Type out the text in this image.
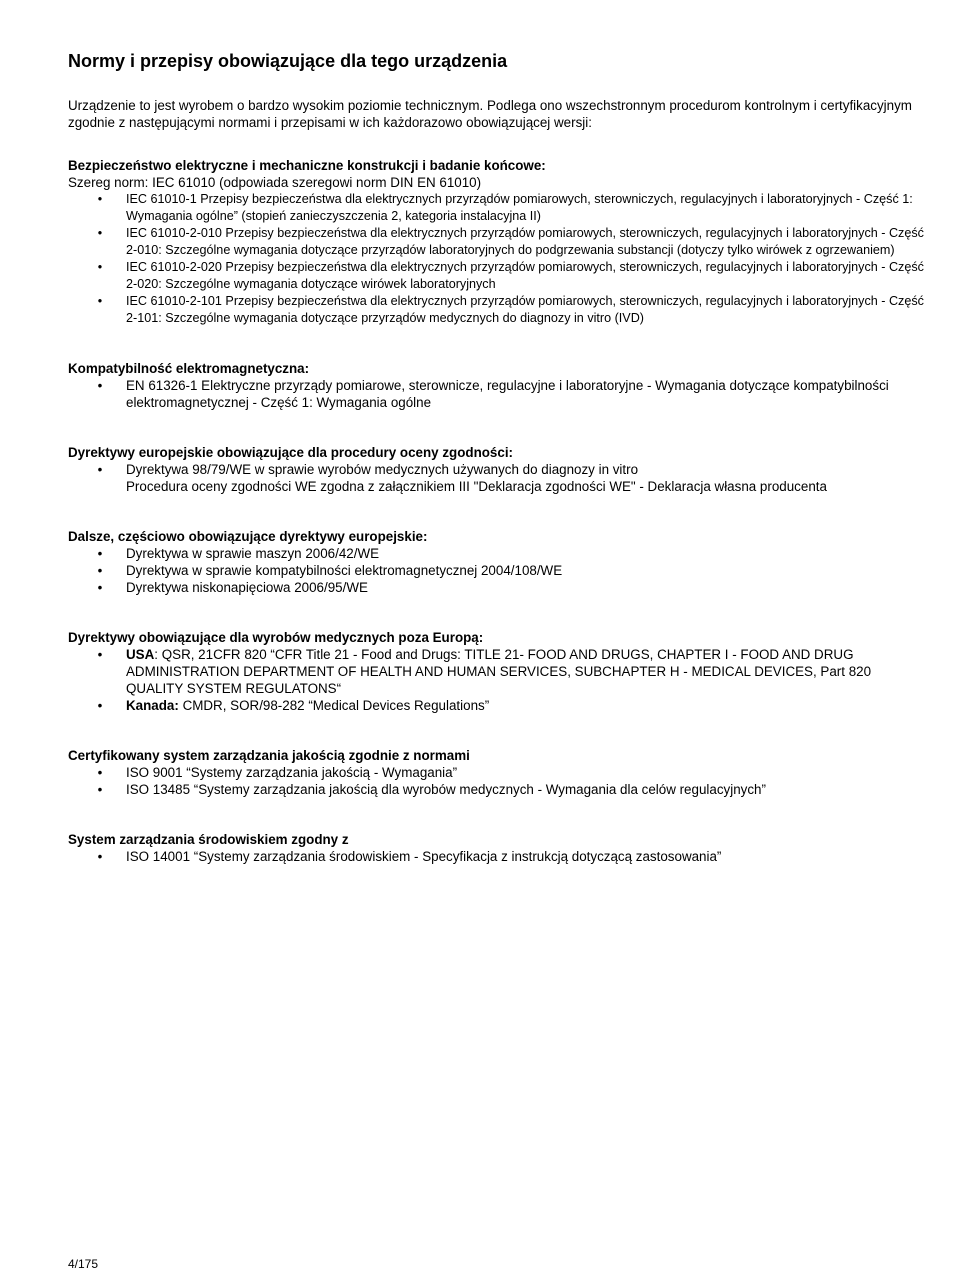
Normy i przepisy obowiązujące dla tego urządzenia

Urządzenie to jest wyrobem o bardzo wysokim poziomie technicznym. Podlega ono wszechstronnym procedurom kontrolnym i certyfikacyjnym zgodnie z następującymi normami i przepisami w ich każdorazowo obowiązującej wersji:

Bezpieczeństwo elektryczne i mechaniczne konstrukcji i badanie końcowe:

Szereg norm: IEC 61010 (odpowiada szeregowi norm DIN EN 61010)

•	IEC 61010-1 Przepisy bezpieczeństwa dla elektrycznych przyrządów pomiarowych, sterowniczych, regulacyjnych i laboratoryjnych - Część 1: Wymagania ogólne” (stopień zanieczyszczenia 2, kategoria instalacyjna II)
•	IEC 61010-2-010 Przepisy bezpieczeństwa dla elektrycznych przyrządów pomiarowych, sterowniczych, regulacyjnych i laboratoryjnych - Część 2-010: Szczególne wymagania dotyczące przyrządów laboratoryjnych do podgrzewania substancji (dotyczy tylko wirówek z ogrzewaniem)
•	IEC 61010-2-020 Przepisy bezpieczeństwa dla elektrycznych przyrządów pomiarowych, sterowniczych, regulacyjnych i laboratoryjnych - Część 2-020: Szczególne wymagania dotyczące wirówek laboratoryjnych
•	IEC 61010-2-101 Przepisy bezpieczeństwa dla elektrycznych przyrządów pomiarowych, sterowniczych, regulacyjnych i laboratoryjnych - Część 2-101: Szczególne wymagania dotyczące przyrządów medycznych do diagnozy in vitro (IVD)

Kompatybilność elektromagnetyczna:

• EN 61326-1 Elektryczne przyrządy pomiarowe, sterownicze, regulacyjne i laboratoryjne - Wymagania dotyczące kompatybilności elektromagnetycznej - Część 1: Wymagania ogólne

Dyrektywy europejskie obowiązujące dla procedury oceny zgodności:

• Dyrektywa 98/79/WE w sprawie wyrobów medycznych używanych do diagnozy in vitro
Procedura oceny zgodności WE zgodna z załącznikiem III "Deklaracja zgodności WE" - Deklaracja własna producenta

Dalsze, częściowo obowiązujące dyrektywy europejskie:

• Dyrektywa w sprawie maszyn 2006/42/WE
• Dyrektywa w sprawie kompatybilności elektromagnetycznej 2004/108/WE
• Dyrektywa niskonapięciowa 2006/95/WE

Dyrektywy obowiązujące dla wyrobów medycznych poza Europą:

• USA: QSR, 21CFR 820 “CFR Title 21 - Food and Drugs: TITLE 21- FOOD AND DRUGS, CHAPTER I - FOOD AND DRUG ADMINISTRATION DEPARTMENT OF HEALTH AND HUMAN SERVICES, SUBCHAPTER H - MEDICAL DEVICES, Part 820 QUALITY SYSTEM REGULATONS“
• Kanada: CMDR, SOR/98-282 “Medical Devices Regulations”

Certyfikowany system zarządzania jakością zgodnie z normami

• ISO 9001 “Systemy zarządzania jakością - Wymagania”
• ISO 13485 “Systemy zarządzania jakością dla wyrobów medycznych - Wymagania dla celów regulacyjnych”

System zarządzania środowiskiem zgodny z

• ISO 14001 “Systemy zarządzania środowiskiem - Specyfikacja z instrukcją dotyczącą zastosowania”
4/175
